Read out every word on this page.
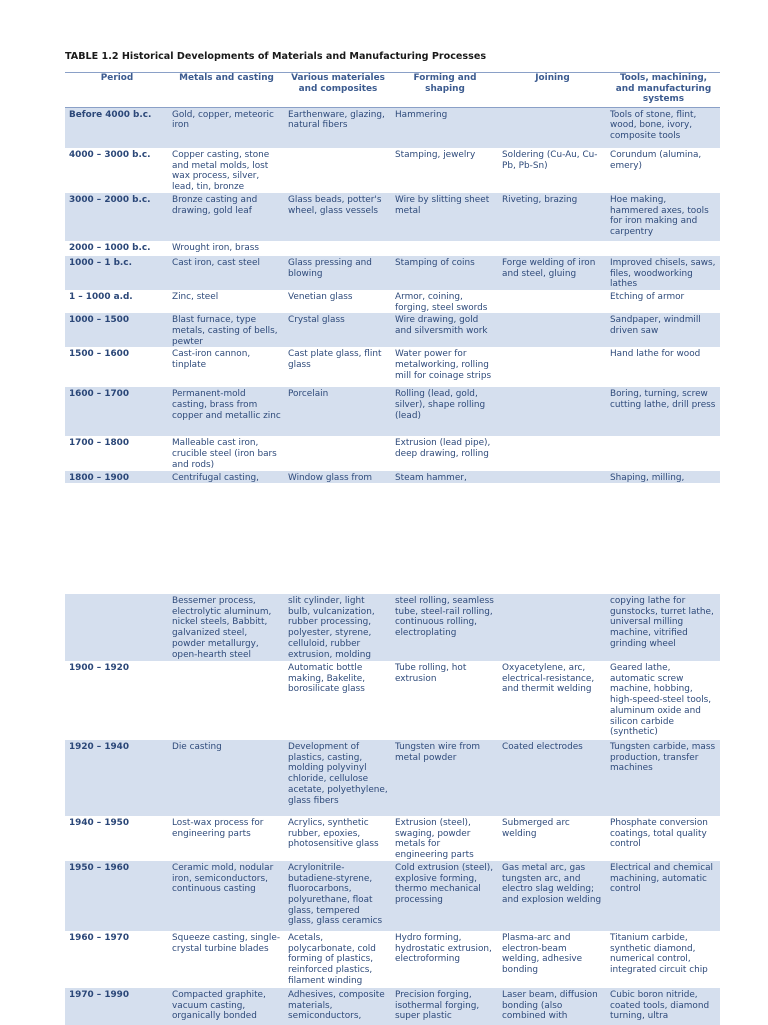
TABLE 1.2 Historical Developments of Materials and Manufacturing Processes
Period	Metals and casting	Various materiales and composites	Forming and shaping	Joining	Tools, machining, and manufacturing systems
Before 4000 b.c.	Gold, copper, meteoric iron	Earthenware, glazing, natural fibers	Hammering		Tools of stone, flint, wood, bone, ivory, composite tools
4000 – 3000 b.c.	Copper casting, stone and metal molds, lost wax process, silver, lead, tin, bronze		Stamping, jewelry	Soldering (Cu-Au, Cu-Pb, Pb-Sn)	Corundum (alumina, emery)
3000 – 2000 b.c.	Bronze casting and drawing, gold leaf	Glass beads, potter's wheel, glass vessels	Wire by slitting sheet metal	Riveting, brazing	Hoe making, hammered axes, tools for iron making and carpentry
2000 – 1000 b.c.	Wrought iron, brass				
1000 – 1 b.c.	Cast iron, cast steel	Glass pressing and blowing	Stamping of coins	Forge welding of iron and steel, gluing	Improved chisels, saws, files, woodworking lathes
1 – 1000 a.d.	Zinc, steel	Venetian glass	Armor, coining, forging, steel swords		Etching of armor
1000 – 1500	Blast furnace, type metals, casting of bells, pewter	Crystal glass	Wire drawing, gold and silversmith work		Sandpaper, windmill driven saw
1500 – 1600	Cast-iron cannon, tinplate	Cast plate glass, flint glass	Water power for metalworking, rolling mill for coinage strips		Hand lathe for wood
1600 – 1700	Permanent-mold casting, brass from copper and metallic zinc	Porcelain	Rolling (lead, gold, silver), shape rolling (lead)		Boring, turning, screw cutting lathe, drill press
1700 – 1800	Malleable cast iron, crucible steel (iron bars and rods)		Extrusion (lead pipe), deep drawing, rolling		
1800 – 1900	Centrifugal casting,	Window glass from	Steam hammer,		Shaping, milling,
	Bessemer process, electrolytic aluminum, nickel steels, Babbitt, galvanized steel, powder metallurgy, open-hearth steel	slit cylinder, light bulb, vulcanization, rubber processing, polyester, styrene, celluloid, rubber extrusion, molding	steel rolling, seamless tube, steel-rail rolling, continuous rolling, electroplating		copying lathe for gunstocks, turret lathe, universal milling machine, vitrified grinding wheel
1900 – 1920		Automatic bottle making, Bakelite, borosilicate glass	Tube rolling, hot extrusion	Oxyacetylene, arc, electrical-resistance, and thermit welding	Geared lathe, automatic screw machine, hobbing, high-speed-steel tools, aluminum oxide and silicon carbide (synthetic)
1920 – 1940	Die casting	Development of plastics, casting, molding polyvinyl chloride, cellulose acetate, polyethylene, glass fibers	Tungsten wire from metal powder	Coated electrodes	Tungsten carbide, mass production, transfer machines
1940 – 1950	Lost-wax process for engineering parts	Acrylics, synthetic rubber, epoxies, photosensitive glass	Extrusion (steel), swaging, powder metals for engineering parts	Submerged arc welding	Phosphate conversion coatings, total quality control
1950 – 1960	Ceramic mold, nodular iron, semiconductors, continuous casting	Acrylonitrile-butadiene-styrene, fluorocarbons, polyurethane, float glass, tempered glass, glass ceramics	Cold extrusion (steel), explosive forming, thermo mechanical processing	Gas metal arc, gas tungsten arc, and electro slag welding; and explosion welding	Electrical and chemical machining, automatic control
1960 – 1970	Squeeze casting, single-crystal turbine blades	Acetals, polycarbonate, cold forming of plastics, reinforced plastics, filament winding	Hydro forming, hydrostatic extrusion, electroforming	Plasma-arc and electron-beam welding, adhesive bonding	Titanium carbide, synthetic diamond, numerical control, integrated circuit chip
1970 – 1990	Compacted graphite, vacuum casting, organically bonded	Adhesives, composite materials, semiconductors,	Precision forging, isothermal forging, super plastic	Laser beam, diffusion bonding (also combined with	Cubic boron nitride, coated tools, diamond turning, ultra
